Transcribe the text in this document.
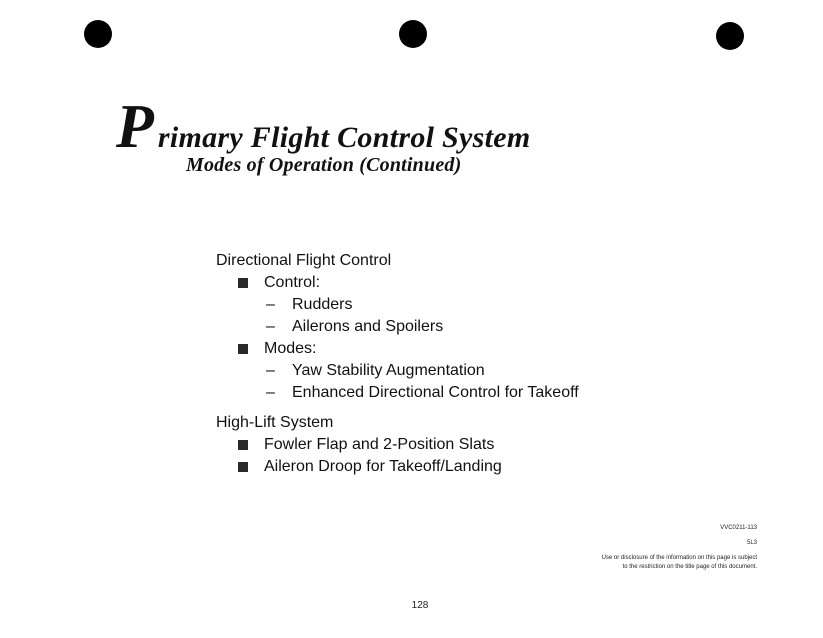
P rimary Flight Control System
Modes of Operation (Continued)
Directional Flight Control
Control:
–	Rudders
–	Ailerons and Spoilers
Modes:
–	Yaw Stability Augmentation
–	Enhanced Directional Control for Takeoff
High-Lift System
Fowler Flap and 2-Position Slats
Aileron Droop for Takeoff/Landing
VVC0211-113
5L3
Use or disclosure of the information on this page is subject
to the restriction on the title page of this document.
128
